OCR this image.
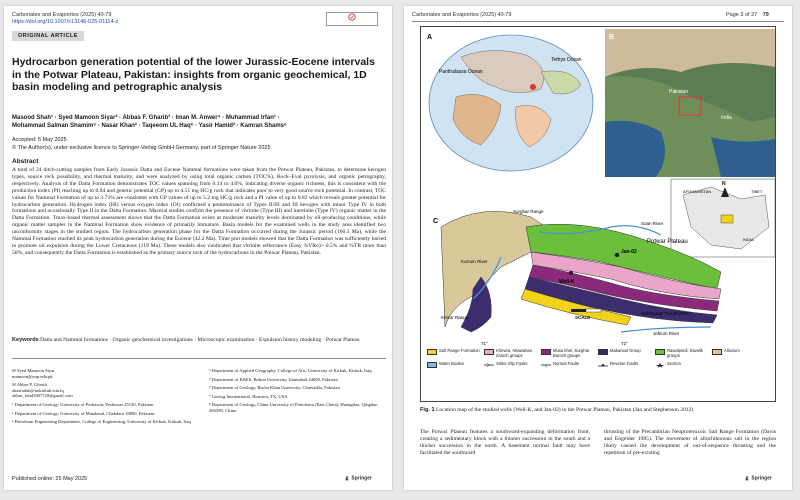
Carbonates and Evaporites (2025) 40:79
https://doi.org/10.1007/s13146-025-01114-z
ORIGINAL ARTICLE
Hydrocarbon generation potential of the lower Jurassic-Eocene intervals in the Potwar Plateau, Pakistan: insights from organic geochemical, 1D basin modeling and petrographic analysis
Masood Shah¹ · Syed Mamoon Siyar² · Abbas F. Gharib³ · Iman M. Anwer⁴ · Muhammad Irfan¹ ·
Mohammad Salman Shamim⁵ · Nasar Khan² · Taqeeom UL Haq⁶ · Yasir Hamid² · Kamran Shams⁶
Accepted: 5 May 2025
© The Author(s), under exclusive licence to Springer-Verlag GmbH Germany, part of Springer Nature 2025
Abstract
A total of 24 ditch-cutting samples from Early Jurassic Datta and Eocene Nammal formations were taken from the Potwar Plateau, Pakistan, to determine kerogen types, source rock possibility, and thermal maturity, and were analyzed by using total organic carbon (TOC%), Rock–Eval pyrolysis, and organic petrography, respectively. Analysis of the Datta Formation demonstrates TOC values spanning from 0.14 to 4.0%, indicating diverse organic richness, this is consistent with the production index (PI) reaching up to 0.84 and genetic potential (GP) up to 4.51 mg HC/g rock that indicates poor to very good source rock potential. In contrast, TOC values for Nammal Formation of up to 3.73% are consistent with GP values of up to 5.2 mg HC/g rock and a PI value of up to 0.82 which reveals greater potential for hydrocarbon generation. Hydrogen index (HI) versus oxygen index (OI) confirmed a predominance of Types II/III and III kerogen with minor Type IV in both formations and occasionally Type II in the Datta Formation. Maceral studies confirm the presence of vitrinite (Type III) and inertinite (Type IV) organic matter in the Datta Formation. Tmax-based thermal assessment shows that the Datta Formation exists at moderate maturity levels dominated by oil-producing conditions, while organic matter samples in the Nammal Formation show evidence of primarily immature. Basin models for the examined wells in the study area identified two unconformity stages in the studied region. The hydrocarbon generation phase for the Datta Formation occurred during the Jurassic period (160.3 Ma), while the Nammal Formation reached its peak hydrocarbon generation during the Eocene (42.2 Ma). Time plot models showed that the Datta Formation was sufficiently buried to promote oil expulsion during the Lower Cretaceous (119 Ma). These models also vindicated that vitrinite reflectance (Easy %VRo)> 0.5% and %TR more than 50%, and consequently the Datta Formation is established as the primary source rock of the hydrocarbons in the Potwar Plateau, Pakistan.
Keywords Datta and Nammal formations · Organic geochemical investigations · Microscopic examination · Expulsion history modeling · Potwar Plateau

✉ Syed Mamoon Siyar
mamoon@uop.edu.pk

✉ Abbas F. Gharib
abasfadah@uokirkuk.edu.iq
abbas_fahd1987720@gmail.com

¹ Department of Geology, University of Peshawar, Peshawar 25130, Pakistan

² Department of Geology, University of Malakand, Chakdara 18800, Pakistan

³ Petroleum Engineering Department, College of Engineering, University of Kirkuk, Kirkuk, Iraq

⁴ Department of Applied Geography, College of Arts, University of Kirkuk, Kirkuk, Iraq

⁵ Department of E&ES, Bahria University, Islamabad 44000, Pakistan

⁶ Department of Geology, Bacha Khan University, Charsadda, Pakistan

⁷ Geolog International, Houston, TX, USA

⁸ Department of Geology, China University of Petroleum (East China), Huangdao, Qingdao 266580, China

Published online: 25 May 2025	Springer
Carbonates and Evaporites (2025) 40:79	Page 3 of 27 79
A
Panthalassa Ocean
Tethys Ocean
B
Pakistan
India
AFGHANISTAN	TIBET
INDIA
C
Surghar Range
Soan River
Potwar Plateau
Jan-02
Well-K
Kurram River
Khisor Range
Salt Range Thrust (SRT)
Jehlum River
SCALE
N
71°	72°
Salt Range Formation	Khewra, Nilawahan Zaluch groups
Musa khel, Surghar Baroch groups
Makarwal Group	Rawalpindi, Siwalik groups
Alluvium
Water Bodies	Strike Slip Faults	Normal Faults	Reverse Faults	Section
Fig. 1 Location map of the studied wells (Well-K, and Jan-02) in the Potwar Plateau, Pakistan (Jan and Stephenson 2012)
The Potwar Plateau features a southward-expanding deformation front, creating a sedimentary block with a thinner succession in the south and a thicker succession in the north. A basement normal fault may have facilitated the southward
thrusting of the Precambrian Neoproterozoic Salt Range Formation (Davis and Engelder 1985). The movement of allochthonous salt in the region likely caused the development of out-of-sequence thrusting and the repetition of pre-existing
Springer
